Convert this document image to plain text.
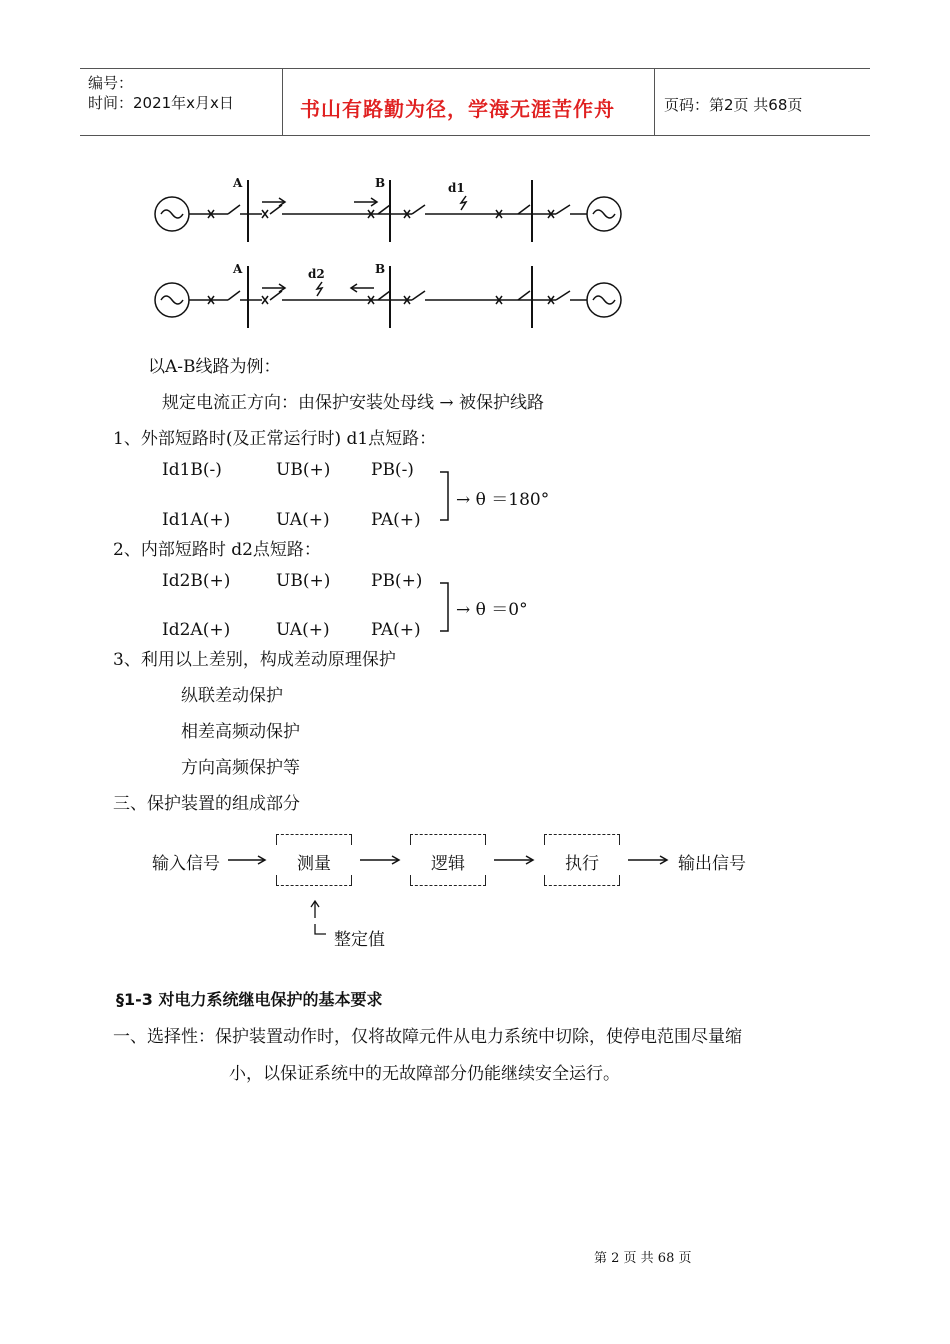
编号：
时间：2021年x月x日	书山有路勤为径，学海无涯苦作舟	页码：第2页 共68页
A	B	d1
A	B
d2
以A-B线路为例：
规定电流正方向：由保护安装处母线 → 被保护线路
1、外部短路时(及正常运行时) d1点短路：
Id1B(-)	UB(+) PB(-)
Id1A(+)	UA(+) PA(+)
→ θ ＝180°
2、内部短路时 d2点短路：
Id2B(+)	UB(+) PB(+)
Id2A(+)	UA(+) PA(+)
→ θ ＝0°
3、利用以上差别，构成差动原理保护
纵联差动保护
相差高频动保护
方向高频保护等
三、保护装置的组成部分
输入信号	测量	逻辑	执行	输出信号
整定值
§1-3 对电力系统继电保护的基本要求
一、选择性：保护装置动作时，仅将故障元件从电力系统中切除，使停电范围尽量缩
小，以保证系统中的无故障部分仍能继续安全运行。
第 2 页 共 68 页
